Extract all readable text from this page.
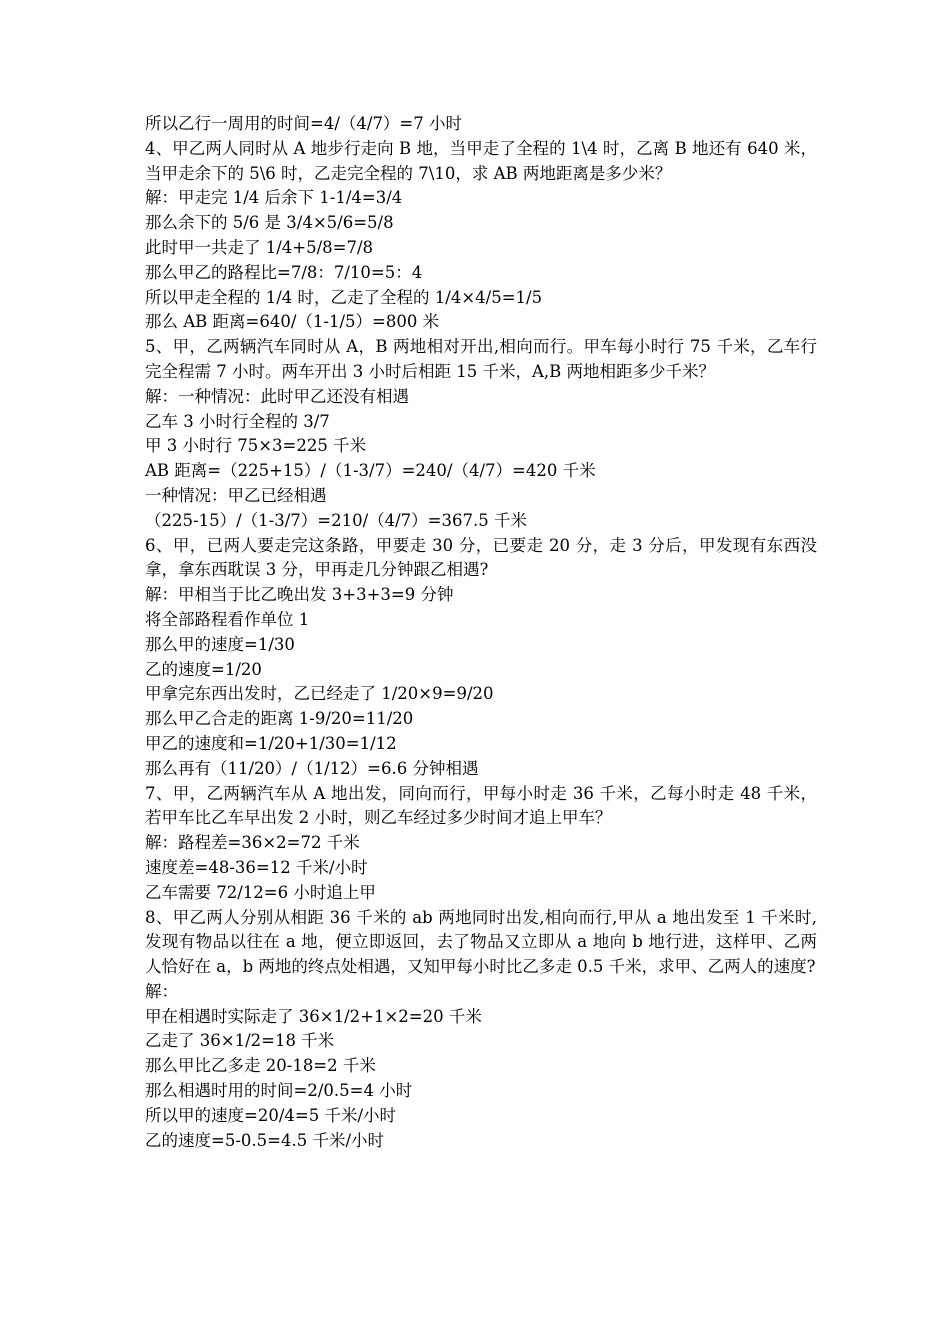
所以乙行一周用的时间=4/（4/7）=7 小时

4、甲乙两人同时从 A 地步行走向 B 地，当甲走了全程的 1\4 时，乙离 B 地还有 640 米，当甲走余下的 5\6 时，乙走完全程的 7\10，求 AB 两地距离是多少米？

解：甲走完 1/4 后余下 1-1/4=3/4

那么余下的 5/6 是 3/4×5/6=5/8

此时甲一共走了 1/4+5/8=7/8

那么甲乙的路程比=7/8：7/10=5：4

所以甲走全程的 1/4 时，乙走了全程的 1/4×4/5=1/5

那么 AB 距离=640/（1-1/5）=800 米

5、甲，乙两辆汽车同时从 A，B 两地相对开出,相向而行。甲车每小时行 75 千米，乙车行完全程需 7 小时。两车开出 3 小时后相距 15 千米，A,B 两地相距多少千米？

解：一种情况：此时甲乙还没有相遇

乙车 3 小时行全程的 3/7

甲 3 小时行 75×3=225 千米

AB 距离=（225+15）/（1-3/7）=240/（4/7）=420 千米

一种情况：甲乙已经相遇

（225-15）/（1-3/7）=210/（4/7）=367.5 千米

6、甲，已两人要走完这条路，甲要走 30 分，已要走 20 分，走 3 分后，甲发现有东西没拿，拿东西耽误 3 分，甲再走几分钟跟乙相遇?

解：甲相当于比乙晚出发 3+3+3=9 分钟

将全部路程看作单位 1

那么甲的速度=1/30

乙的速度=1/20

甲拿完东西出发时，乙已经走了 1/20×9=9/20

那么甲乙合走的距离 1-9/20=11/20

甲乙的速度和=1/20+1/30=1/12

那么再有（11/20）/（1/12）=6.6 分钟相遇

7、甲，乙两辆汽车从 A 地出发，同向而行，甲每小时走 36 千米，乙每小时走 48 千米，若甲车比乙车早出发 2 小时，则乙车经过多少时间才追上甲车？

解：路程差=36×2=72 千米

速度差=48-36=12 千米/小时

乙车需要 72/12=6 小时追上甲

8、甲乙两人分别从相距 36 千米的 ab 两地同时出发,相向而行,甲从 a 地出发至 1 千米时,发现有物品以往在 a 地，便立即返回，去了物品又立即从 a 地向 b 地行进，这样甲、乙两人恰好在 a，b 两地的终点处相遇，又知甲每小时比乙多走 0.5 千米，求甲、乙两人的速度?

解：

甲在相遇时实际走了 36×1/2+1×2=20 千米

乙走了 36×1/2=18 千米

那么甲比乙多走 20-18=2 千米

那么相遇时用的时间=2/0.5=4 小时

所以甲的速度=20/4=5 千米/小时

乙的速度=5-0.5=4.5 千米/小时
